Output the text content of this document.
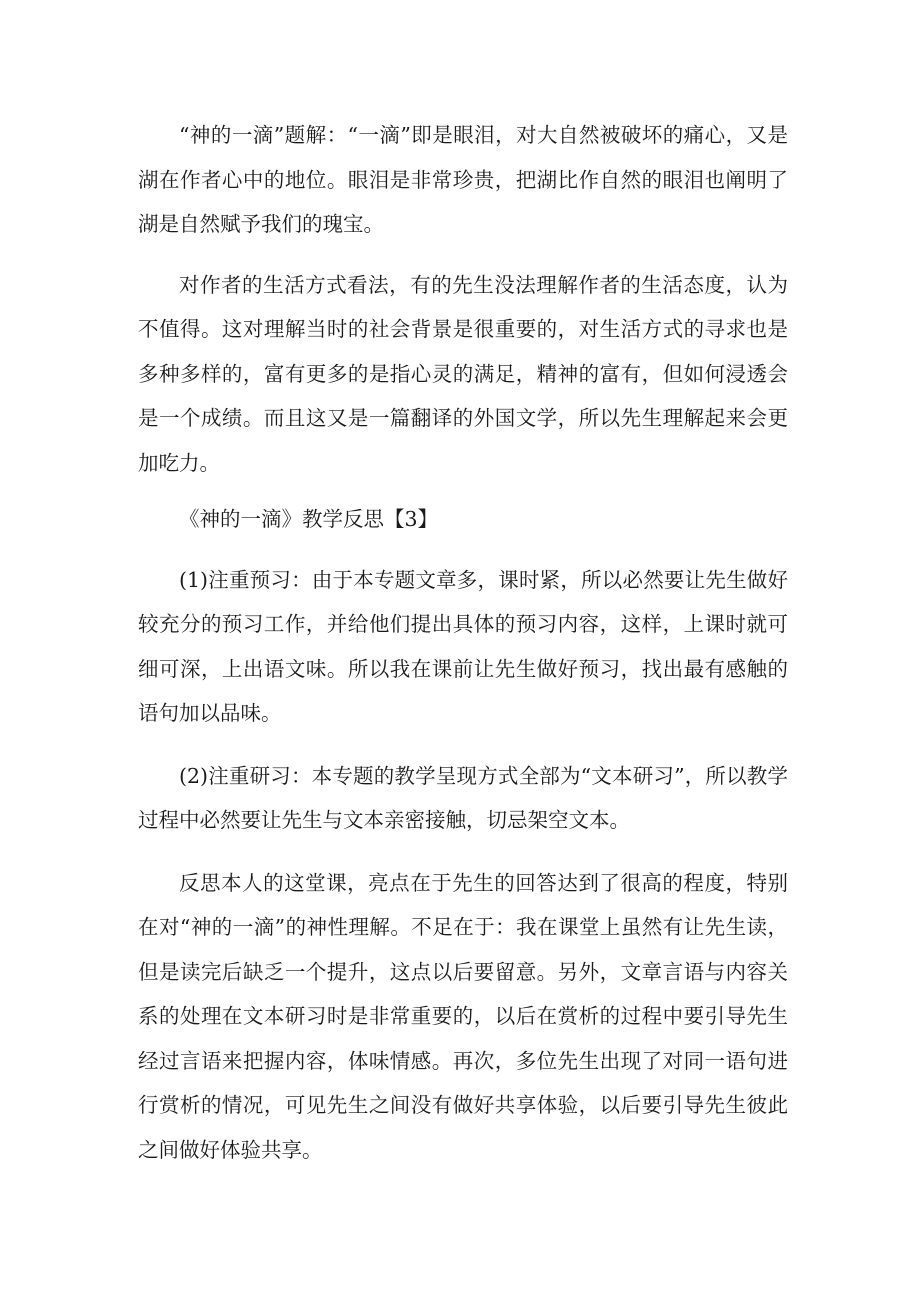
“神的一滴”题解：“一滴”即是眼泪，对大自然被破坏的痛心，又是湖在作者心中的地位。眼泪是非常珍贵，把湖比作自然的眼泪也阐明了湖是自然赋予我们的瑰宝。

对作者的生活方式看法，有的先生没法理解作者的生活态度，认为不值得。这对理解当时的社会背景是很重要的，对生活方式的寻求也是多种多样的，富有更多的是指心灵的满足，精神的富有，但如何浸透会是一个成绩。而且这又是一篇翻译的外国文学，所以先生理解起来会更加吃力。

《神的一滴》教学反思【3】

(1)注重预习：由于本专题文章多，课时紧，所以必然要让先生做好较充分的预习工作，并给他们提出具体的预习内容，这样，上课时就可细可深，上出语文味。所以我在课前让先生做好预习，找出最有感触的语句加以品味。

(2)注重研习：本专题的教学呈现方式全部为“文本研习”，所以教学过程中必然要让先生与文本亲密接触，切忌架空文本。

反思本人的这堂课，亮点在于先生的回答达到了很高的程度，特别在对“神的一滴”的神性理解。不足在于：我在课堂上虽然有让先生读，但是读完后缺乏一个提升，这点以后要留意。另外，文章言语与内容关系的处理在文本研习时是非常重要的，以后在赏析的过程中要引导先生经过言语来把握内容，体味情感。再次，多位先生出现了对同一语句进行赏析的情况，可见先生之间没有做好共享体验，以后要引导先生彼此之间做好体验共享。
